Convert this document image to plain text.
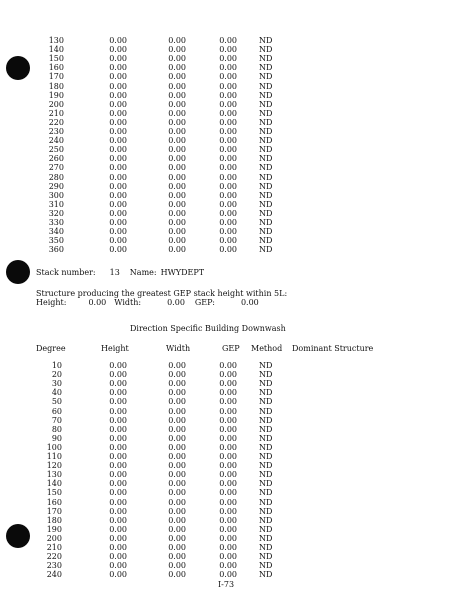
130	0.00	0.00	0.00	ND
140	0.00	0.00	0.00	ND
150	0.00	0.00	0.00	ND
160	0.00	0.00	0.00	ND
170	0.00	0.00	0.00	ND
180	0.00	0.00	0.00	ND
190	0.00	0.00	0.00	ND
200	0.00	0.00	0.00	ND
210	0.00	0.00	0.00	ND
220	0.00	0.00	0.00	ND
230	0.00	0.00	0.00	ND
240	0.00	0.00	0.00	ND
250	0.00	0.00	0.00	ND
260	0.00	0.00	0.00	ND
270	0.00	0.00	0.00	ND
280	0.00	0.00	0.00	ND
290	0.00	0.00	0.00	ND
300	0.00	0.00	0.00	ND
310	0.00	0.00	0.00	ND
320	0.00	0.00	0.00	ND
330	0.00	0.00	0.00	ND
340	0.00	0.00	0.00	ND
350	0.00	0.00	0.00	ND
360	0.00	0.00	0.00	ND
Stack number: 13 Name: HWYDEPT
Structure producing the greatest GEP stack height within 5L:
Height:	0.00 Width:	0.00 GEP:	0.00
Direction Specific Building Downwash
Degree	Height	Width	GEP Method Dominant Structure
10	0.00	0.00	0.00	ND
20	0.00	0.00	0.00	ND
30	0.00	0.00	0.00	ND
40	0.00	0.00	0.00	ND
50	0.00	0.00	0.00	ND
60	0.00	0.00	0.00	ND
70	0.00	0.00	0.00	ND
80	0.00	0.00	0.00	ND
90	0.00	0.00	0.00	ND
100	0.00	0.00	0.00	ND
110	0.00	0.00	0.00	ND
120	0.00	0.00	0.00	ND
130	0.00	0.00	0.00	ND
140	0.00	0.00	0.00	ND
150	0.00	0.00	0.00	ND
160	0.00	0.00	0.00	ND
170	0.00	0.00	0.00	ND
180	0.00	0.00	0.00	ND
190	0.00	0.00	0.00	ND
200	0.00	0.00	0.00	ND
210	0.00	0.00	0.00	ND
220	0.00	0.00	0.00	ND
230	0.00	0.00	0.00	ND
240	0.00	0.00	0.00	ND
I-73
